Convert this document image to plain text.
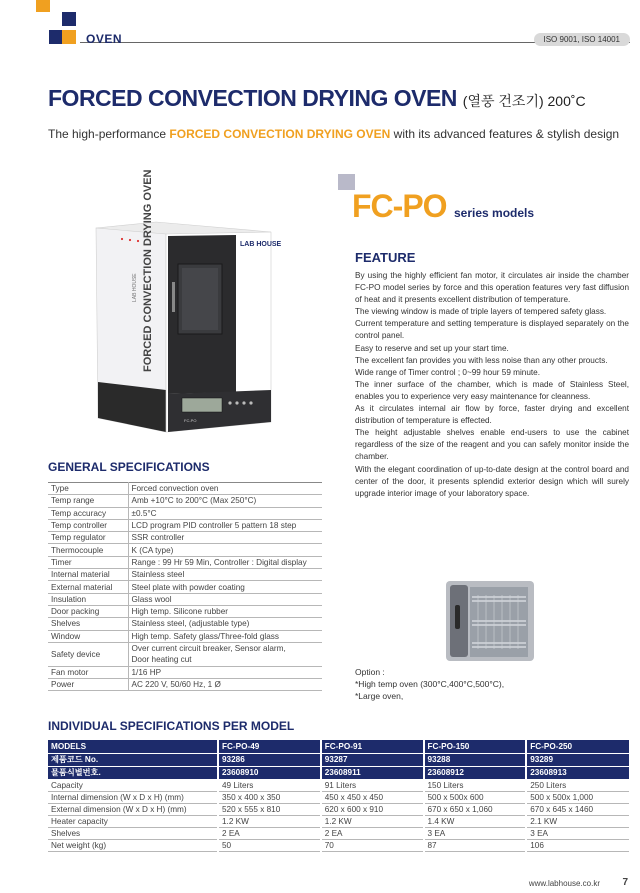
OVEN	ISO 9001, ISO 14001
FORCED CONVECTION DRYING OVEN (열풍 건조기) 200˚C
The high-performance FORCED CONVECTION DRYING OVEN with its advanced features & stylish design
FORCED CONVECTION DRYING OVEN
LAB HOUSE
LAB HOUSE
FC-PO
FC-PO series models
FEATURE

By using the highly efficient fan motor, it circulates air inside the chamber FC-PO model series by force and this operation features very fast diffusion of heat and it presents excellent distribution of temperature.

The viewing window is made of triple layers of tempered safety glass.

Current temperature and setting temperature is displayed separately on the control panel.

Easy to reserve and set up your start time.

The excellent fan provides you with less noise than any other proucts.

Wide range of Timer control ; 0~99 hour 59 minute.

The inner surface of the chamber, which is made of Stainless Steel, enables you to experience very easy maintenance for cleanness.

As it circulates internal air flow by force, faster drying and excellent distribution of temperature is effected.

The height adjustable shelves enable end-users to use the cabinet regardless of the size of the reagent and you can safely monitor inside the chamber.

With the elegant coordination of up-to-date design at the control board and center of the door, it presents splendid exterior design which will surely upgrade interior image of your laboratory space.

Option :
*High temp oven (300°C,400°C,500°C),
*Large oven,
GENERAL SPECIFICATIONS
Type	Forced convection oven
Temp range	Amb +10°C to 200°C (Max 250°C)
Temp accuracy	±0.5°C
Temp controller	LCD program PID controller 5 pattern 18 step
Temp regulator	SSR controller
Thermocouple	K (CA type)
Timer	Range : 99 Hr 59 Min, Controller : Digital display
Internal material	Stainless steel
External material	Steel plate with powder coating
Insulation	Glass wool
Door packing	High temp. Silicone rubber
Shelves	Stainless steel, (adjustable type)
Window	High temp. Safety glass/Three-fold glass
Safety device	Over current circuit breaker, Sensor alarm,
Door heating cut

Fan motor	1/16 HP
Power	AC 220 V, 50/60 Hz, 1 Ø
INDIVIDUAL SPECIFICATIONS PER MODEL
MODELS	FC-PO-49	FC-PO-91	FC-PO-150	FC-PO-250
제품코드 No.	93286	93287	93288	93289
물품식별번호.	23608910	23608911	23608912	23608913
Capacity	49 Liters	91 Liters	150 Liters	250 Liters
Internal dimension (W x D x H) (mm)	350 x 400 x 350	450 x 450 x 450	500 x 500x 600	500 x 500x 1,000
External dimension (W x D x H) (mm)	520 x 555 x 810	620 x 600 x 910	670 x 650 x 1,060	670 x 645 x 1460
Heater capacity	1.2 KW	1.2 KW	1.4 KW	2.1 KW
Shelves	2 EA	2 EA	3 EA	3 EA
Net weight (kg)	50	70	87	106
www.labhouse.co.kr 7
